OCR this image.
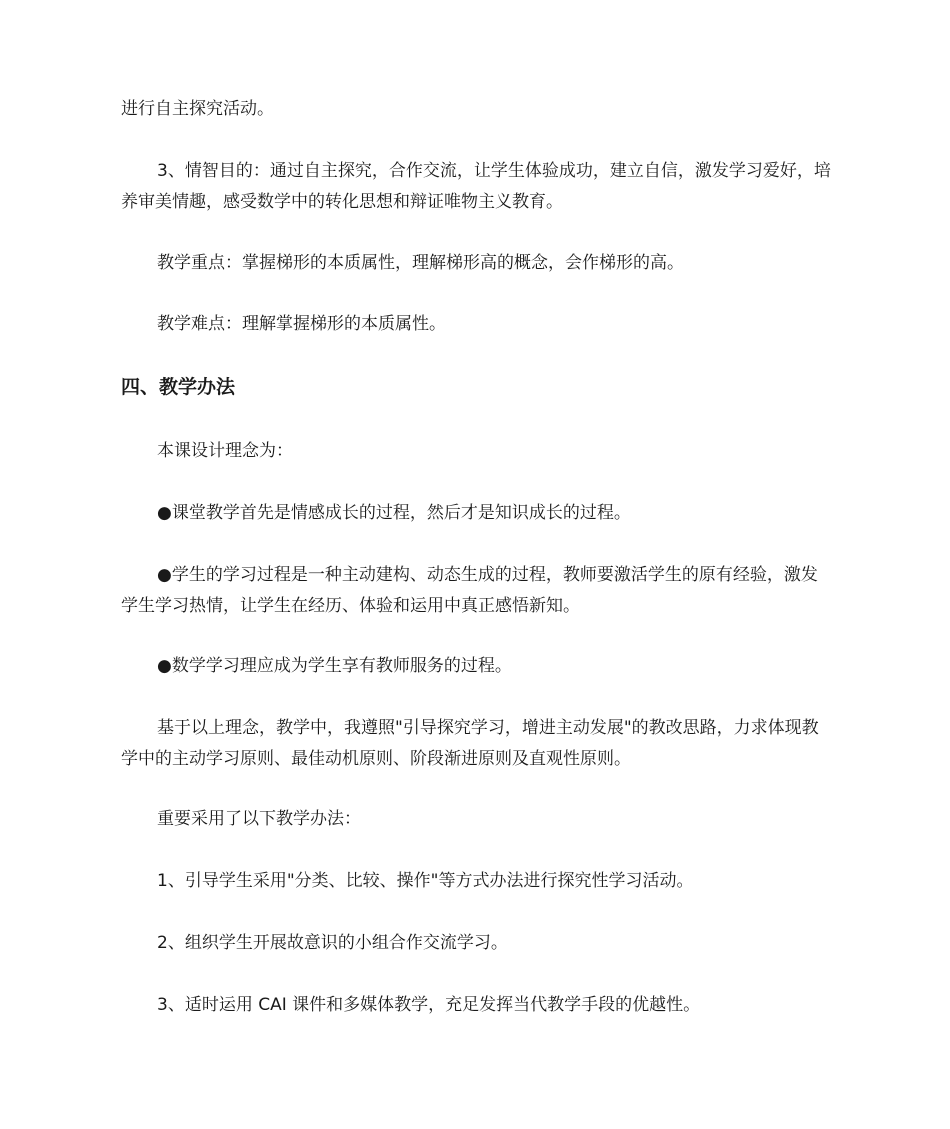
进行自主探究活动。

3、情智目的：通过自主探究，合作交流，让学生体验成功，建立自信，激发学习爱好，培养审美情趣，感受数学中的转化思想和辩证唯物主义教育。

教学重点：掌握梯形的本质属性，理解梯形高的概念，会作梯形的高。

教学难点：理解掌握梯形的本质属性。

四、教学办法

本课设计理念为：

●课堂教学首先是情感成长的过程，然后才是知识成长的过程。

●学生的学习过程是一种主动建构、动态生成的过程，教师要激活学生的原有经验，激发学生学习热情，让学生在经历、体验和运用中真正感悟新知。

●数学学习理应成为学生享有教师服务的过程。

基于以上理念，教学中，我遵照"引导探究学习，增进主动发展"的教改思路，力求体现教学中的主动学习原则、最佳动机原则、阶段渐进原则及直观性原则。

重要采用了以下教学办法：

1、引导学生采用"分类、比较、操作"等方式办法进行探究性学习活动。

2、组织学生开展故意识的小组合作交流学习。

3、适时运用 CAI 课件和多媒体教学，充足发挥当代教学手段的优越性。
